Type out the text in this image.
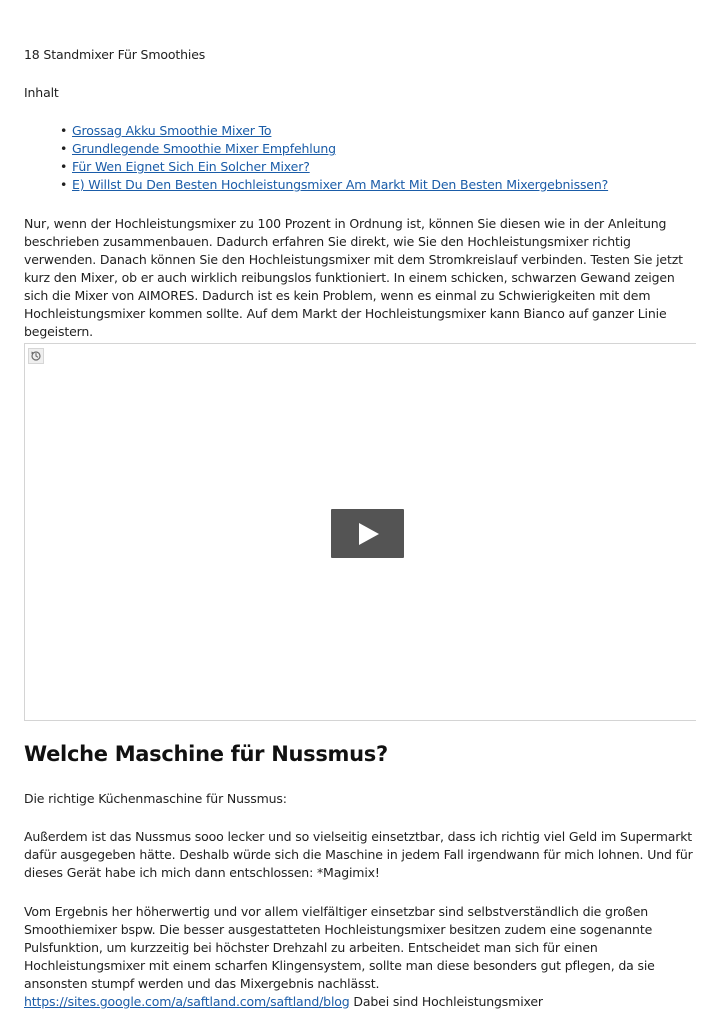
18 Standmixer Für Smoothies

Inhalt

• Grossag Akku Smoothie Mixer To
• Grundlegende Smoothie Mixer Empfehlung
• Für Wen Eignet Sich Ein Solcher Mixer?
• E) Willst Du Den Besten Hochleistungsmixer Am Markt Mit Den Besten Mixergebnissen?

Nur, wenn der Hochleistungsmixer zu 100 Prozent in Ordnung ist, können Sie diesen wie in der Anleitung beschrieben zusammenbauen. Dadurch erfahren Sie direkt, wie Sie den Hochleistungsmixer richtig verwenden. Danach können Sie den Hochleistungsmixer mit dem Stromkreislauf verbinden. Testen Sie jetzt kurz den Mixer, ob er auch wirklich reibungslos funktioniert. In einem schicken, schwarzen Gewand zeigen sich die Mixer von AIMORES. Dadurch ist es kein Problem, wenn es einmal zu Schwierigkeiten mit dem Hochleistungsmixer kommen sollte. Auf dem Markt der Hochleistungsmixer kann Bianco auf ganzer Linie begeistern.

Welche Maschine für Nussmus?

Die richtige Küchenmaschine für Nussmus:

Außerdem ist das Nussmus sooo lecker und so vielseitig einsetztbar, dass ich richtig viel Geld im Supermarkt dafür ausgegeben hätte. Deshalb würde sich die Maschine in jedem Fall irgendwann für mich lohnen. Und für dieses Gerät habe ich mich dann entschlossen: *Magimix!

Vom Ergebnis her höherwertig und vor allem vielfältiger einsetzbar sind selbstverständlich die großen Smoothiemixer bspw. Die besser ausgestatteten Hochleistungsmixer besitzen zudem eine sogenannte Pulsfunktion, um kurzzeitig bei höchster Drehzahl zu arbeiten. Entscheidet man sich für einen Hochleistungsmixer mit einem scharfen Klingensystem, sollte man diese besonders gut pflegen, da sie ansonsten stumpf werden und das Mixergebnis nachlässt. https://sites.google.com/a/saftland.com/saftland/blog Dabei sind Hochleistungsmixer
